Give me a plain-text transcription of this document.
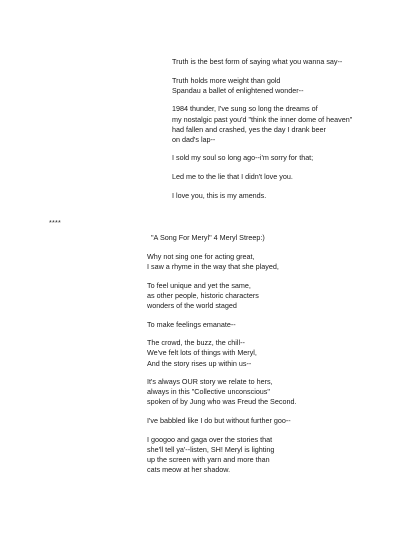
Truth is the best form of saying what you wanna say--
Truth holds more weight than gold
Spandau a ballet of enlightened wonder--
1984 thunder, I've sung so long the dreams of
my nostalgic past you'd "think the inner dome of heaven"
had fallen and crashed, yes the day I drank beer
on dad's lap--
I sold my soul so long ago--i'm sorry for that;
Led me to the lie that I didn't love you.
I love you, this is my amends.
****
"A Song For Meryl" 4 Meryl Streep:)
Why not sing one for acting great,
I saw a rhyme in the way that she played,
To feel unique and yet the same,
as other people, historic characters
wonders of the world staged
To make feelings emanate--
The crowd, the buzz, the chill--
We've felt lots of things with Meryl,
And the story rises up within us--
It's always OUR story we relate to hers,
always in this "Collective unconscious"
spoken of by Jung who was Freud the Second.
I've babbled like I do but without further goo--
I googoo and gaga over the stories that
she'll tell ya'--listen, SH! Meryl is lighting
up the screen with yarn and more than
cats meow at her shadow.
